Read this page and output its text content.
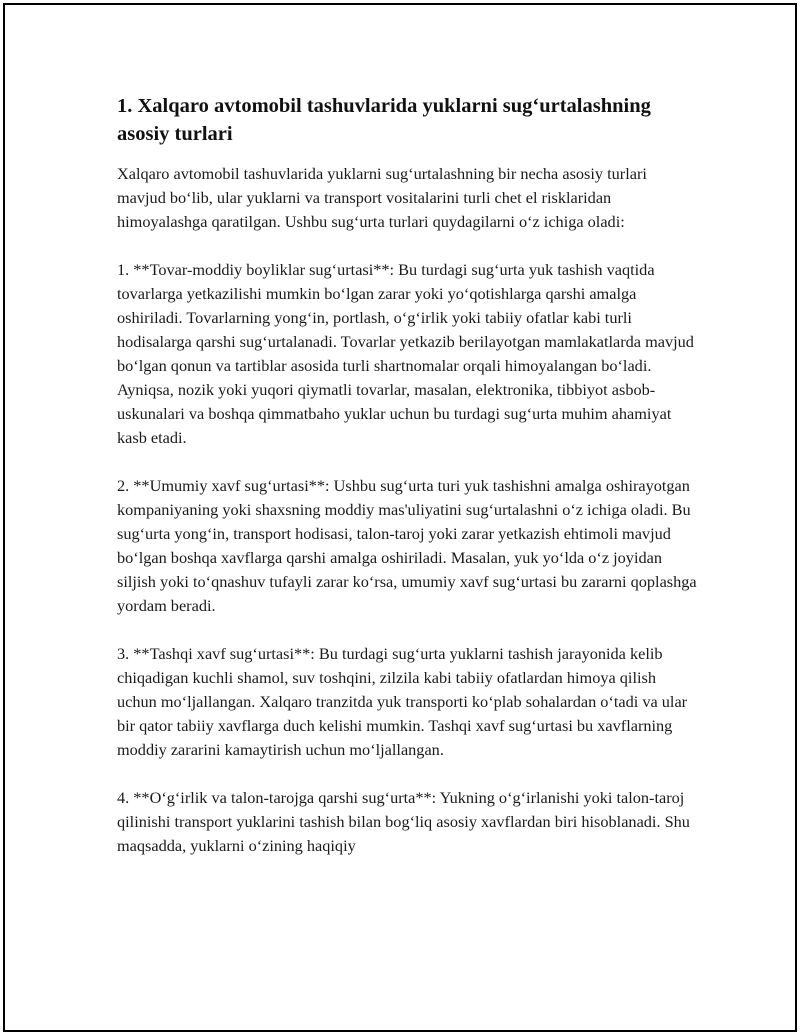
1. Xalqaro avtomobil tashuvlarida yuklarni sug‘urtalashning asosiy turlari

Xalqaro avtomobil tashuvlarida yuklarni sug‘urtalashning bir necha asosiy turlari mavjud bo‘lib, ular yuklarni va transport vositalarini turli chet el risklaridan himoyalashga qaratilgan. Ushbu sug‘urta turlari quydagilarni o‘z ichiga oladi:

1. **Tovar-moddiy boyliklar sug‘urtasi**: Bu turdagi sug‘urta yuk tashish vaqtida tovarlarga yetkazilishi mumkin bo‘lgan zarar yoki yo‘qotishlarga qarshi amalga oshiriladi. Tovarlarning yong‘in, portlash, o‘g‘irlik yoki tabiiy ofatlar kabi turli hodisalarga qarshi sug‘urtalanadi. Tovarlar yetkazib berilayotgan mamlakatlarda mavjud bo‘lgan qonun va tartiblar asosida turli shartnomalar orqali himoyalangan bo‘ladi. Ayniqsa, nozik yoki yuqori qiymatli tovarlar, masalan, elektronika, tibbiyot asbob-uskunalari va boshqa qimmatbaho yuklar uchun bu turdagi sug‘urta muhim ahamiyat kasb etadi.

2. **Umumiy xavf sug‘urtasi**: Ushbu sug‘urta turi yuk tashishni amalga oshirayotgan kompaniyaning yoki shaxsning moddiy mas'uliyatini sug‘urtalashni o‘z ichiga oladi. Bu sug‘urta yong‘in, transport hodisasi, talon-taroj yoki zarar yetkazish ehtimoli mavjud bo‘lgan boshqa xavflarga qarshi amalga oshiriladi. Masalan, yuk yo‘lda o‘z joyidan siljish yoki to‘qnashuv tufayli zarar ko‘rsa, umumiy xavf sug‘urtasi bu zararni qoplashga yordam beradi.

3. **Tashqi xavf sug‘urtasi**: Bu turdagi sug‘urta yuklarni tashish jarayonida kelib chiqadigan kuchli shamol, suv toshqini, zilzila kabi tabiiy ofatlardan himoya qilish uchun mo‘ljallangan. Xalqaro tranzitda yuk transporti ko‘plab sohalardan o‘tadi va ular bir qator tabiiy xavflarga duch kelishi mumkin. Tashqi xavf sug‘urtasi bu xavflarning moddiy zararini kamaytirish uchun mo‘ljallangan.

4. **O‘g‘irlik va talon-tarojga qarshi sug‘urta**: Yukning o‘g‘irlanishi yoki talon-taroj qilinishi transport yuklarini tashish bilan bog‘liq asosiy xavflardan biri hisoblanadi. Shu maqsadda, yuklarni o‘zining haqiqiy
